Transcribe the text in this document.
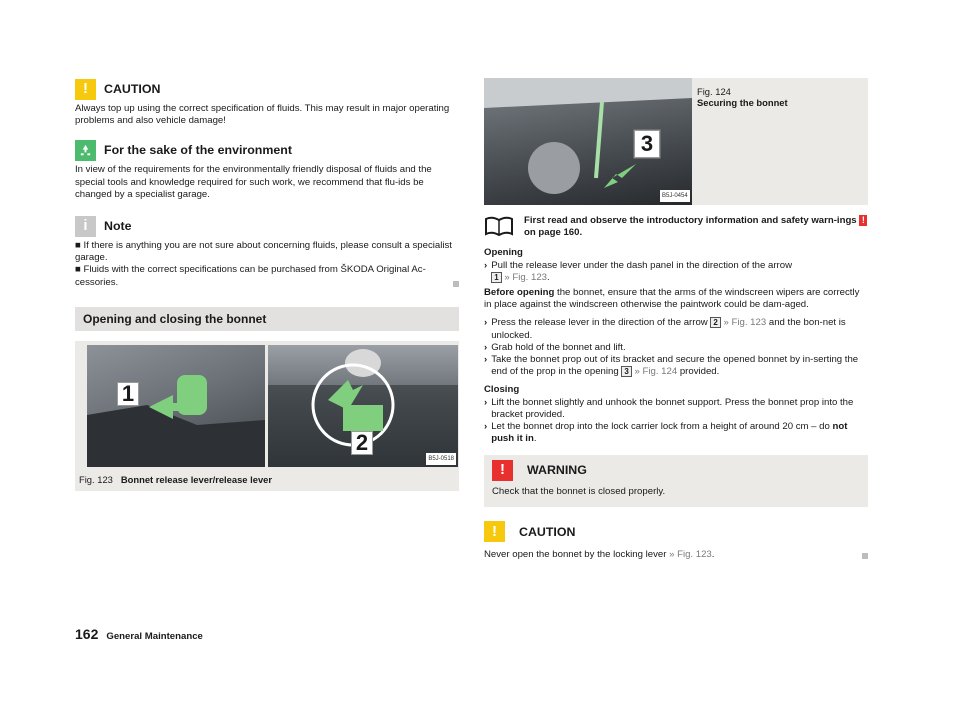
!	CAUTION

Always top up using the correct specification of fluids. This may result in major operating problems and also vehicle damage!

For the sake of the environment

In view of the requirements for the environmentally friendly disposal of fluids and the special tools and knowledge required for such work, we recommend that flu-ids be changed by a specialist garage.

i	Note

■ If there is anything you are not sure about concerning fluids, please consult a specialist garage.

■ Fluids with the correct specifications can be purchased from ŠKODA Original Ac-cessories.

Opening and closing the bonnet
1
2
B5J-0518
Fig. 123 Bonnet release lever/release lever
3
B5J-0454
Fig. 124
Securing the bonnet
First read and observe the introductory information and safety warn-ings ! on page 160.
Opening
› Pull the release lever under the dash panel in the direction of the arrow
1 » Fig. 123.

Before opening the bonnet, ensure that the arms of the windscreen wipers are correctly in place against the windscreen otherwise the paintwork could be dam-aged.

› Press the release lever in the direction of the arrow 2 » Fig. 123 and the bon-net is unlocked.
› Grab hold of the bonnet and lift.
› Take the bonnet prop out of its bracket and secure the opened bonnet by in-serting the end of the prop in the opening 3 » Fig. 124 provided.
Closing
› Lift the bonnet slightly and unhook the bonnet support. Press the bonnet prop into the bracket provided.
› Let the bonnet drop into the lock carrier lock from a height of around 20 cm – do not push it in.
!	WARNING

Check that the bonnet is closed properly.

!	CAUTION

Never open the bonnet by the locking lever » Fig. 123.

162 General Maintenance
